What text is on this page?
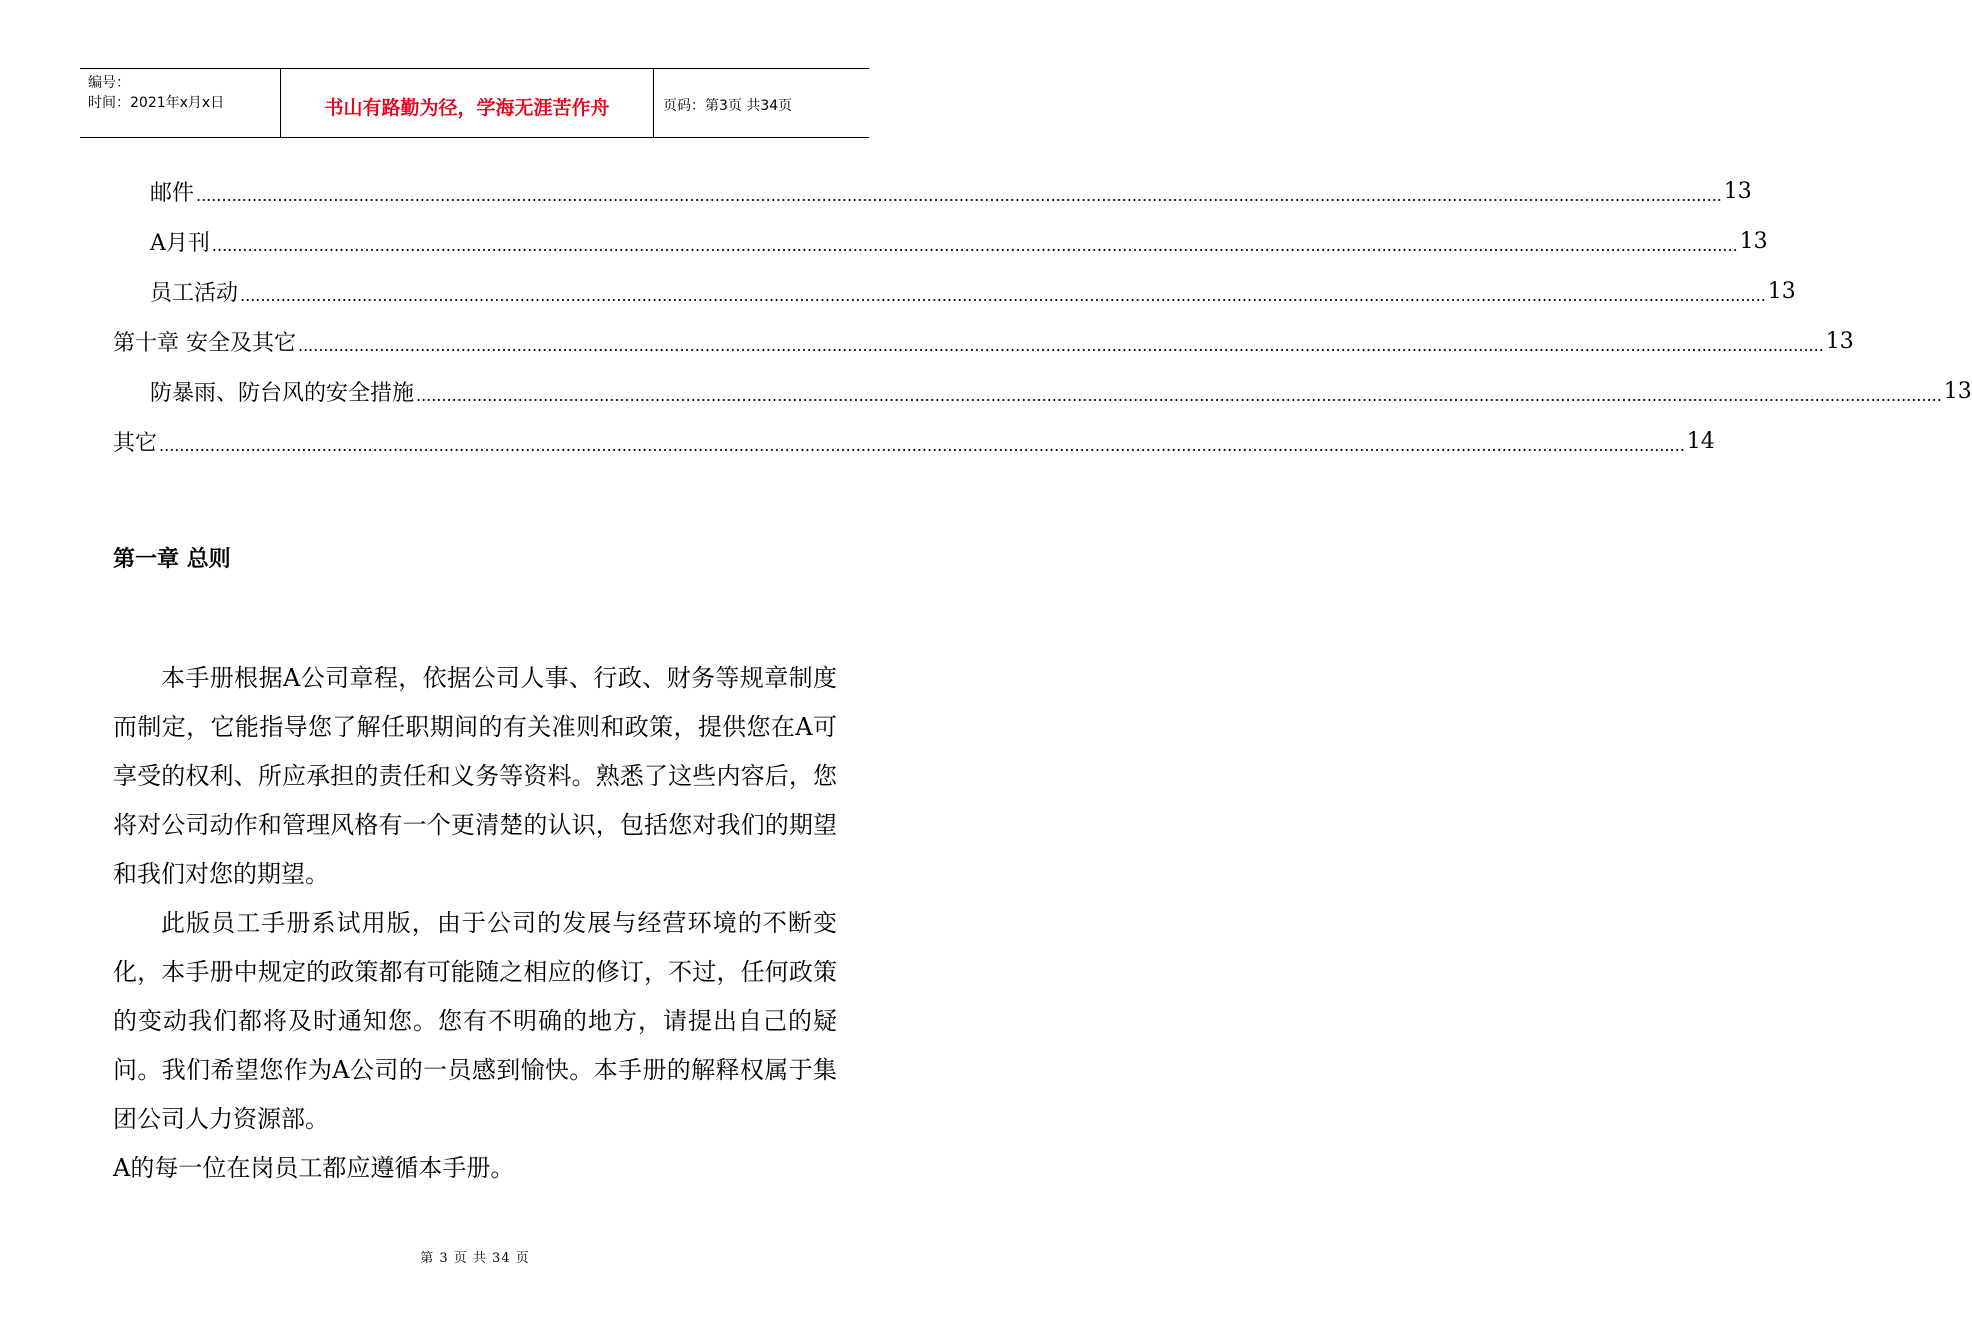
编号：
时间：2021年x月x日	书山有路勤为径，学海无涯苦作舟	页码：第3页 共34页
邮件 ............................................................................................................................................................................................................................................................................................................ 13
A月刊 ............................................................................................................................................................................................................................................................................................................ 13
员工活动 ............................................................................................................................................................................................................................................................................................................ 13
第十章 安全及其它 ............................................................................................................................................................................................................................................................................................................ 13
防暴雨、防台风的安全措施 ............................................................................................................................................................................................................................................................................................................ 13
其它 ............................................................................................................................................................................................................................................................................................................ 14
第一章 总则

本手册根据A公司章程，依据公司人事、行政、财务等规章制度而制定，它能指导您了解任职期间的有关准则和政策，提供您在A可享受的权利、所应承担的责任和义务等资料。熟悉了这些内容后，您将对公司动作和管理风格有一个更清楚的认识，包括您对我们的期望和我们对您的期望。

此版员工手册系试用版，由于公司的发展与经营环境的不断变化，本手册中规定的政策都有可能随之相应的修订，不过，任何政策的变动我们都将及时通知您。您有不明确的地方，请提出自己的疑问。我们希望您作为A公司的一员感到愉快。本手册的解释权属于集团公司人力资源部。

A的每一位在岗员工都应遵循本手册。

第 3 页 共 34 页
